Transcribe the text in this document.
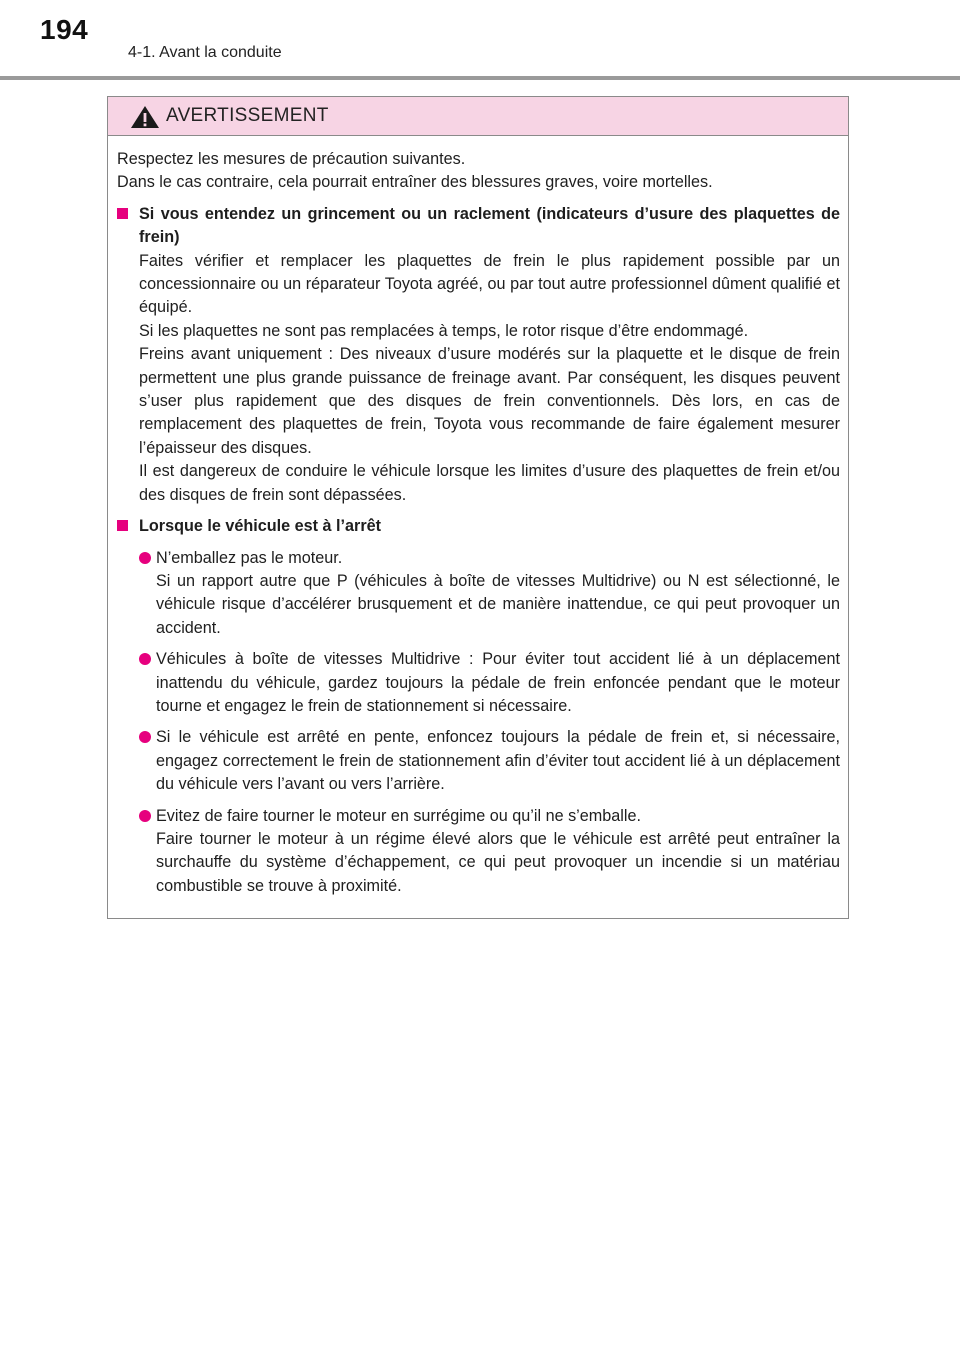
194
4-1. Avant la conduite
AVERTISSEMENT

Respectez les mesures de précaution suivantes.

Dans le cas contraire, cela pourrait entraîner des blessures graves, voire mortelles.

Si vous entendez un grincement ou un raclement (indicateurs d’usure des plaquettes de frein)

Faites vérifier et remplacer les plaquettes de frein le plus rapidement possible par un concessionnaire ou un réparateur Toyota agréé, ou par tout autre professionnel dûment qualifié et équipé.

Si les plaquettes ne sont pas remplacées à temps, le rotor risque d’être endommagé.

Freins avant uniquement : Des niveaux d’usure modérés sur la plaquette et le disque de frein permettent une plus grande puissance de freinage avant. Par conséquent, les disques peuvent s’user plus rapidement que des disques de frein conventionnels. Dès lors, en cas de remplacement des plaquettes de frein, Toyota vous recommande de faire également mesurer l’épaisseur des disques.

Il est dangereux de conduire le véhicule lorsque les limites d’usure des plaquettes de frein et/ou des disques de frein sont dépassées.

Lorsque le véhicule est à l’arrêt
N’emballez pas le moteur.
Si un rapport autre que P (véhicules à boîte de vitesses Multidrive) ou N est sélectionné, le véhicule risque d’accélérer brusquement et de manière inattendue, ce qui peut provoquer un accident.
Véhicules à boîte de vitesses Multidrive : Pour éviter tout accident lié à un déplacement inattendu du véhicule, gardez toujours la pédale de frein enfoncée pendant que le moteur tourne et engagez le frein de stationnement si nécessaire.
Si le véhicule est arrêté en pente, enfoncez toujours la pédale de frein et, si nécessaire, engagez correctement le frein de stationnement afin d’éviter tout accident lié à un déplacement du véhicule vers l’avant ou vers l’arrière.
Evitez de faire tourner le moteur en surrégime ou qu’il ne s’emballe.
Faire tourner le moteur à un régime élevé alors que le véhicule est arrêté peut entraîner la surchauffe du système d’échappement, ce qui peut provoquer un incendie si un matériau combustible se trouve à proximité.
